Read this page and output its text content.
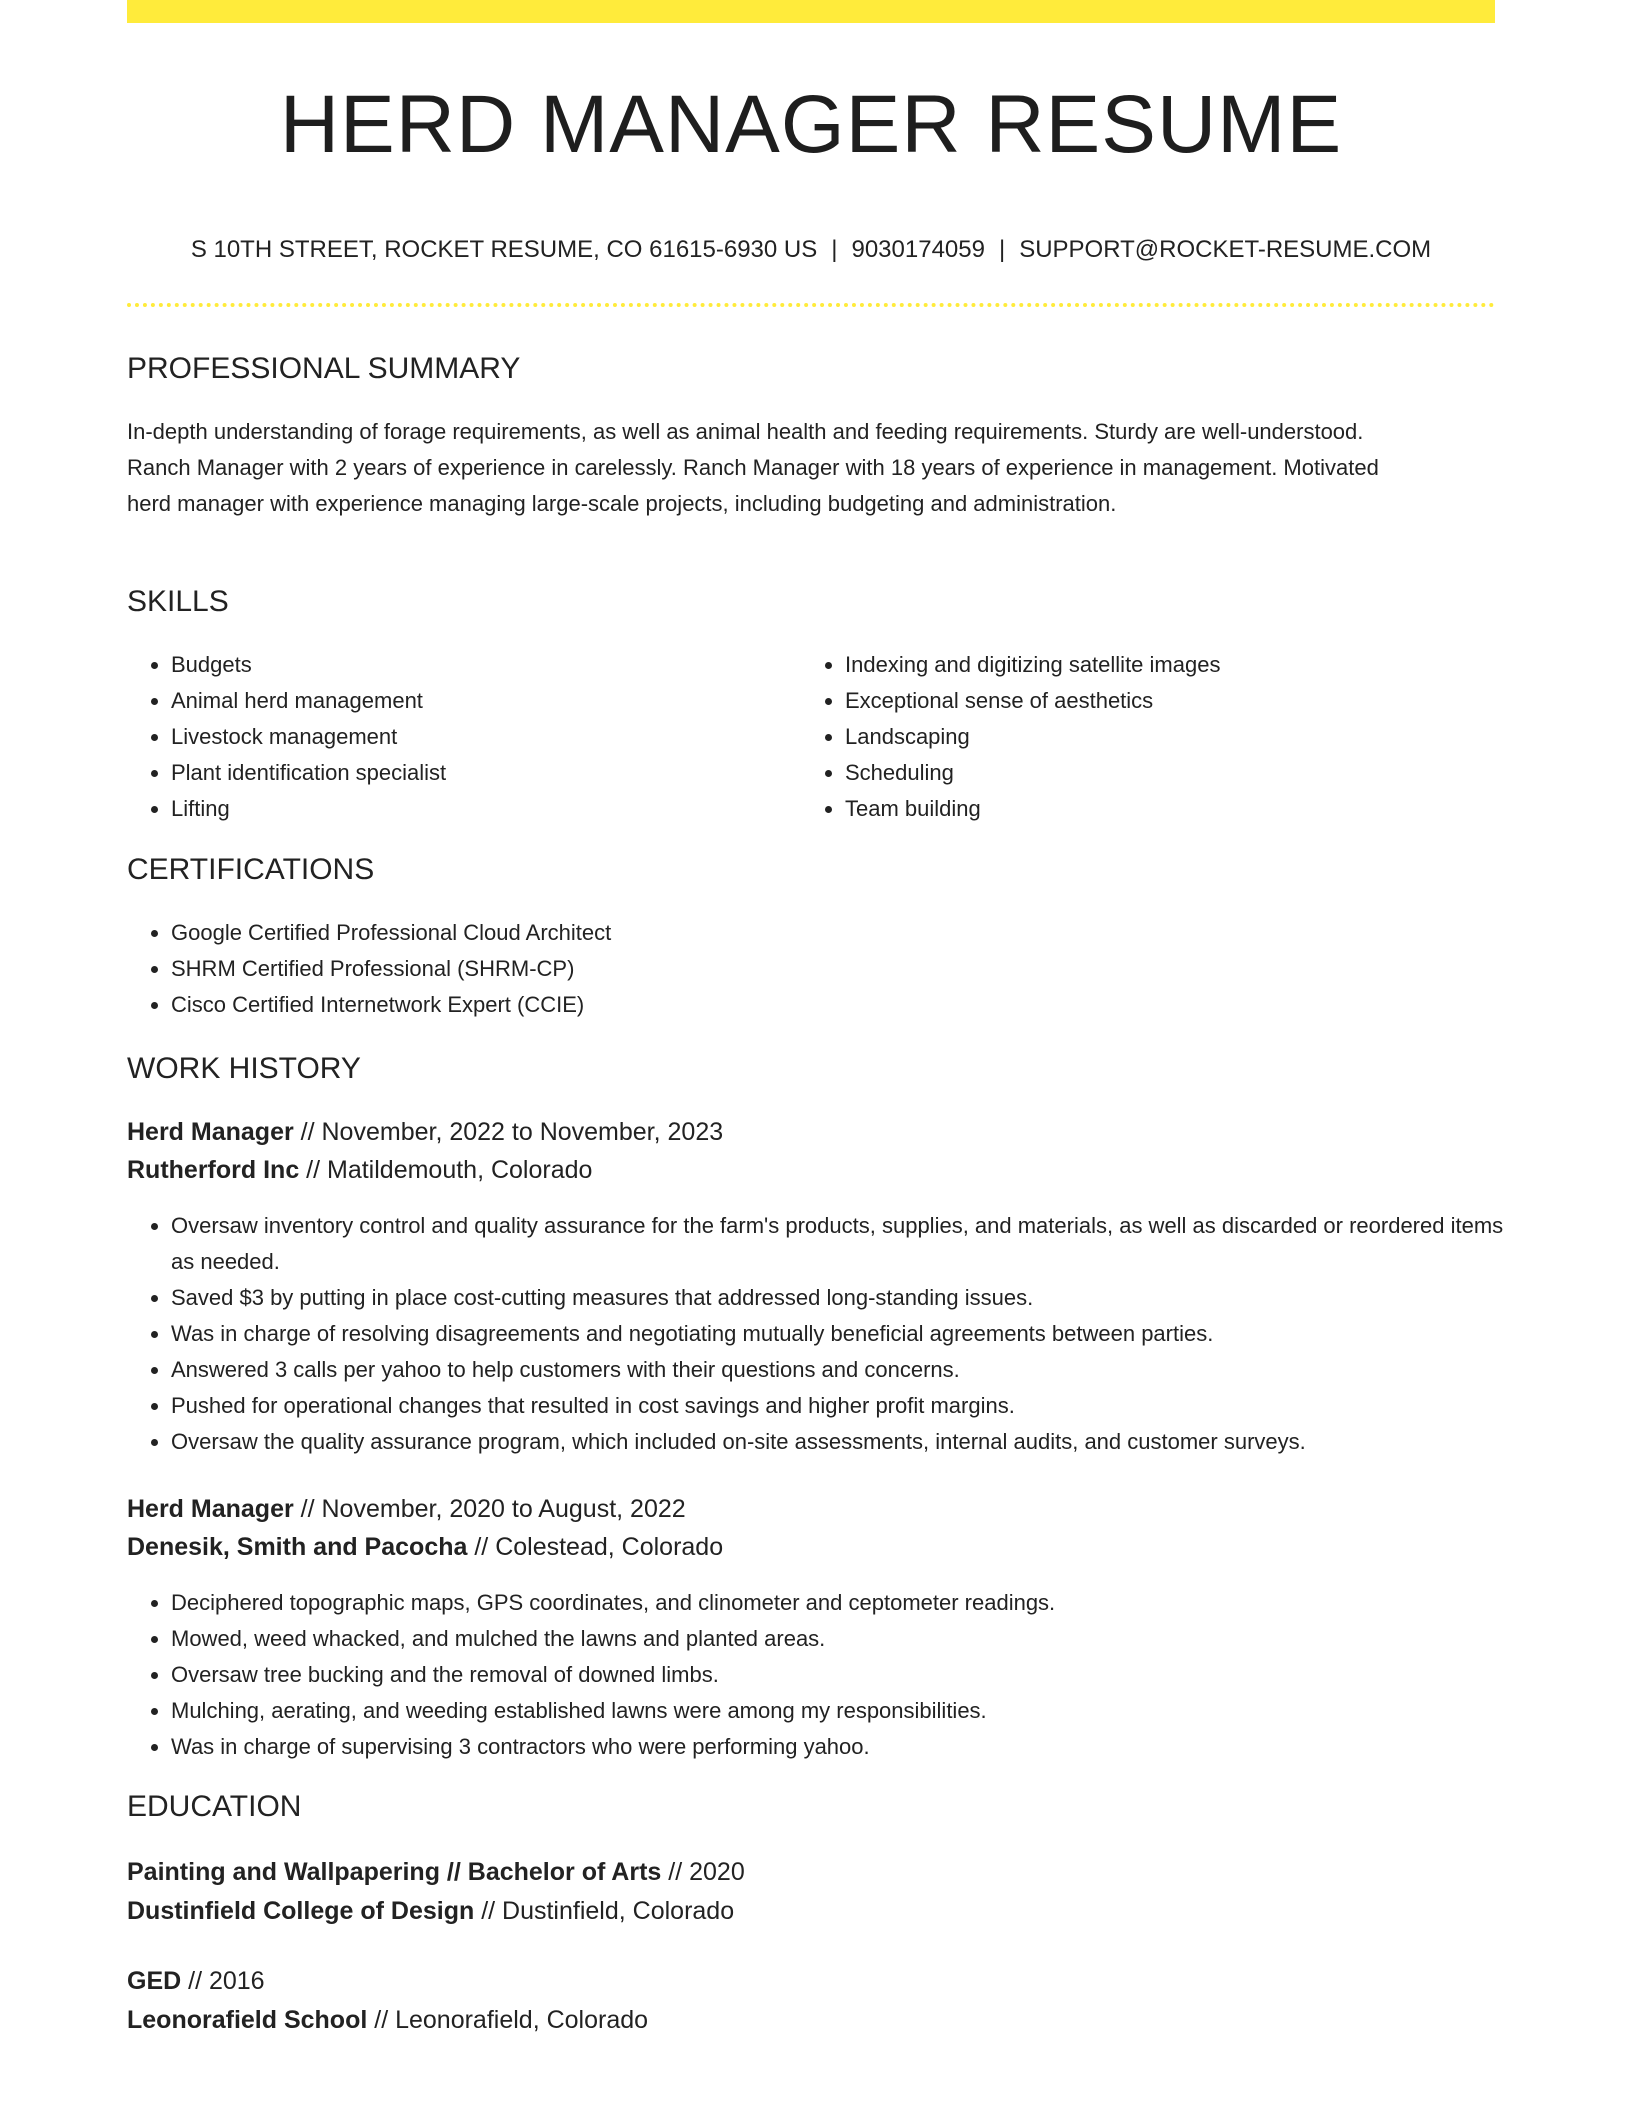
HERD MANAGER RESUME
S 10TH STREET, ROCKET RESUME, CO 61615-6930 US | 9030174059 | SUPPORT@ROCKET-RESUME.COM
PROFESSIONAL SUMMARY

In-depth understanding of forage requirements, as well as animal health and feeding requirements. Sturdy are well-understood. Ranch Manager with 2 years of experience in carelessly. Ranch Manager with 18 years of experience in management. Motivated herd manager with experience managing large-scale projects, including budgeting and administration.

SKILLS
• Budgets
• Animal herd management
• Livestock management
• Plant identification specialist
• Lifting
• Indexing and digitizing satellite images
• Exceptional sense of aesthetics
• Landscaping
• Scheduling
• Team building
CERTIFICATIONS
• Google Certified Professional Cloud Architect
• SHRM Certified Professional (SHRM-CP)
• Cisco Certified Internetwork Expert (CCIE)
WORK HISTORY
Herd Manager // November, 2022 to November, 2023
Rutherford Inc // Matildemouth, Colorado
• Oversaw inventory control and quality assurance for the farm's products, supplies, and materials, as well as discarded or reordered items as needed.
• Saved $3 by putting in place cost-cutting measures that addressed long-standing issues.
• Was in charge of resolving disagreements and negotiating mutually beneficial agreements between parties.
• Answered 3 calls per yahoo to help customers with their questions and concerns.
• Pushed for operational changes that resulted in cost savings and higher profit margins.
• Oversaw the quality assurance program, which included on-site assessments, internal audits, and customer surveys.
Herd Manager // November, 2020 to August, 2022
Denesik, Smith and Pacocha // Colestead, Colorado
• Deciphered topographic maps, GPS coordinates, and clinometer and ceptometer readings.
• Mowed, weed whacked, and mulched the lawns and planted areas.
• Oversaw tree bucking and the removal of downed limbs.
• Mulching, aerating, and weeding established lawns were among my responsibilities.
• Was in charge of supervising 3 contractors who were performing yahoo.
EDUCATION
Painting and Wallpapering // Bachelor of Arts // 2020
Dustinfield College of Design // Dustinfield, Colorado
GED // 2016
Leonorafield School // Leonorafield, Colorado
